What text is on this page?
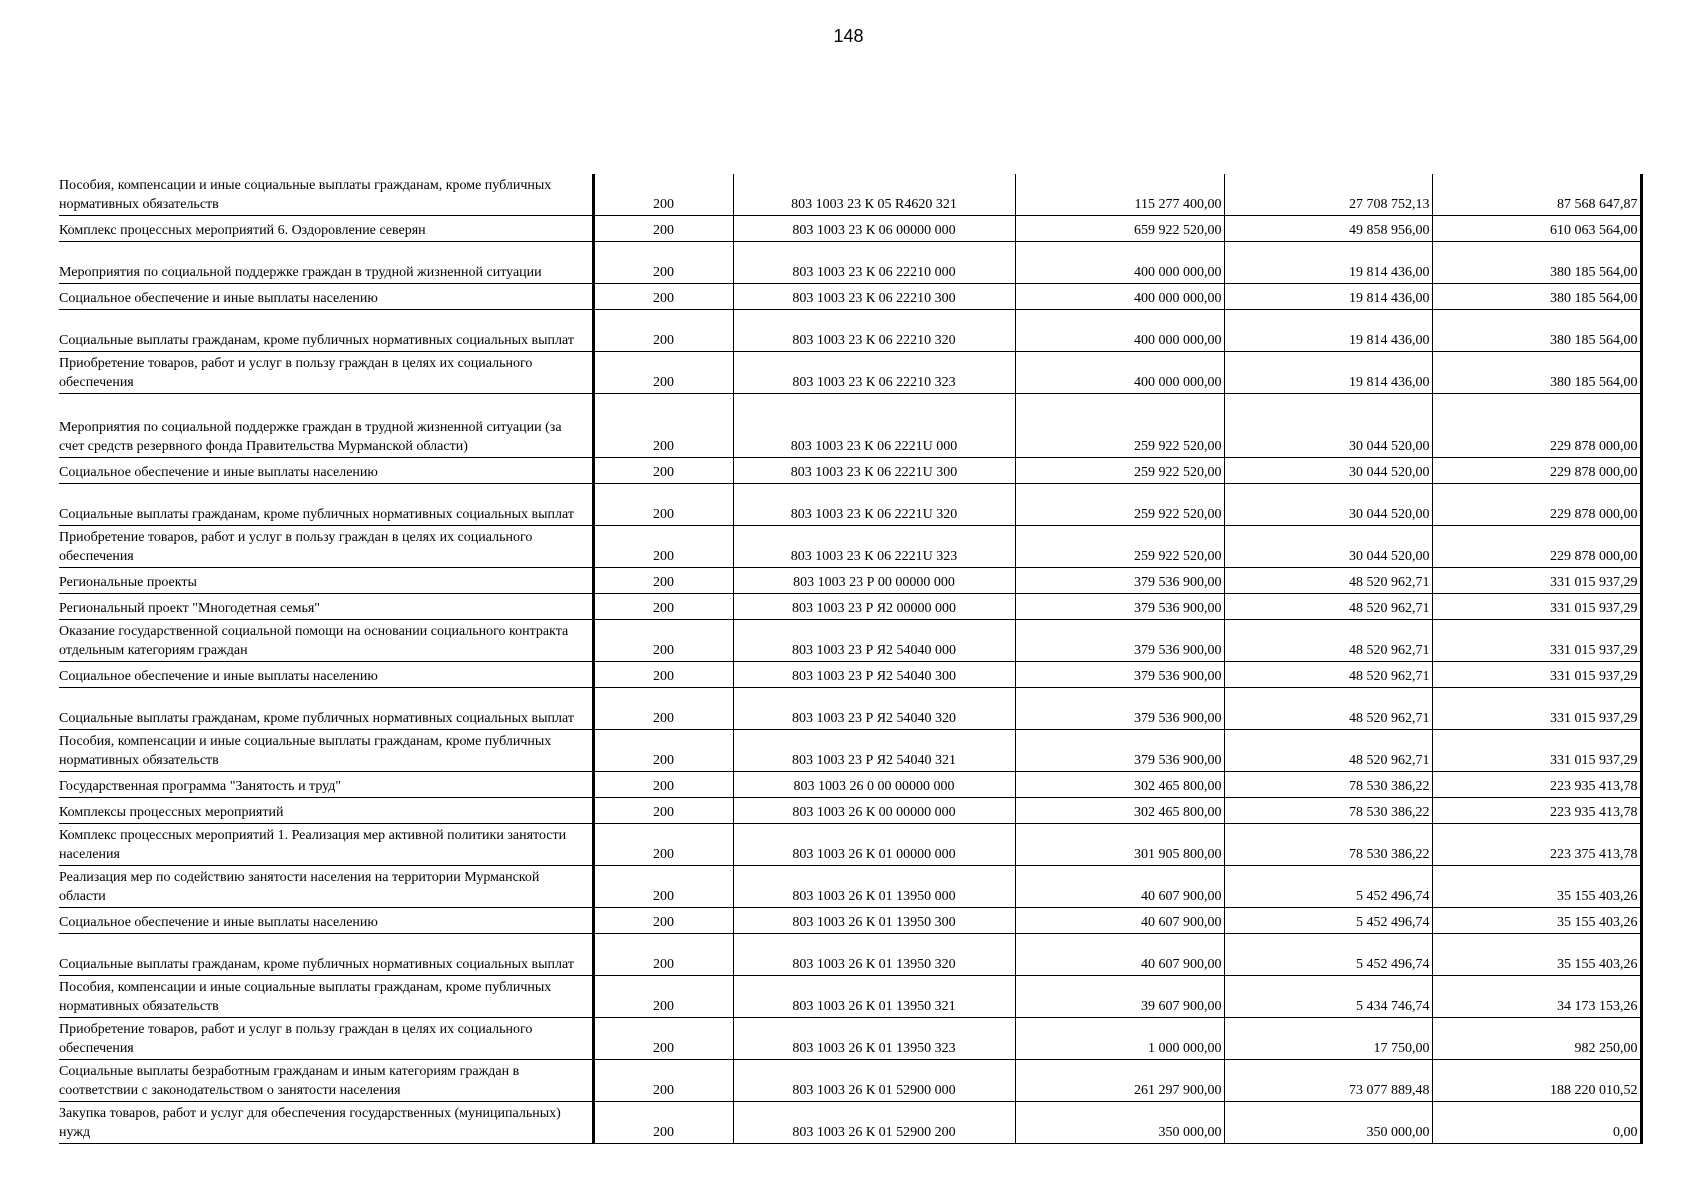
148
Пособия, компенсации и иные социальные выплаты гражданам, кроме публичных нормативных обязательств	200	803 1003 23 К 05 R4620 321	115 277 400,00	27 708 752,13	87 568 647,87
Комплекс процессных мероприятий 6. Оздоровление северян	200	803 1003 23 К 06 00000 000	659 922 520,00	49 858 956,00	610 063 564,00
Мероприятия по социальной поддержке граждан в трудной жизненной ситуации	200	803 1003 23 К 06 22210 000	400 000 000,00	19 814 436,00	380 185 564,00
Социальное обеспечение и иные выплаты населению	200	803 1003 23 К 06 22210 300	400 000 000,00	19 814 436,00	380 185 564,00
Социальные выплаты гражданам, кроме публичных нормативных социальных выплат	200	803 1003 23 К 06 22210 320	400 000 000,00	19 814 436,00	380 185 564,00
Приобретение товаров, работ и услуг в пользу граждан в целях их социального обеспечения	200	803 1003 23 К 06 22210 323	400 000 000,00	19 814 436,00	380 185 564,00
Мероприятия по социальной поддержке граждан в трудной жизненной ситуации (за счет средств резервного фонда Правительства Мурманской области)	200	803 1003 23 К 06 2221U 000	259 922 520,00	30 044 520,00	229 878 000,00
Социальное обеспечение и иные выплаты населению	200	803 1003 23 К 06 2221U 300	259 922 520,00	30 044 520,00	229 878 000,00
Социальные выплаты гражданам, кроме публичных нормативных социальных выплат	200	803 1003 23 К 06 2221U 320	259 922 520,00	30 044 520,00	229 878 000,00
Приобретение товаров, работ и услуг в пользу граждан в целях их социального обеспечения	200	803 1003 23 К 06 2221U 323	259 922 520,00	30 044 520,00	229 878 000,00
Региональные проекты	200	803 1003 23 Р 00 00000 000	379 536 900,00	48 520 962,71	331 015 937,29
Региональный проект "Многодетная семья"	200	803 1003 23 Р Я2 00000 000	379 536 900,00	48 520 962,71	331 015 937,29
Оказание государственной социальной помощи на основании социального контракта отдельным категориям граждан	200	803 1003 23 Р Я2 54040 000	379 536 900,00	48 520 962,71	331 015 937,29
Социальное обеспечение и иные выплаты населению	200	803 1003 23 Р Я2 54040 300	379 536 900,00	48 520 962,71	331 015 937,29
Социальные выплаты гражданам, кроме публичных нормативных социальных выплат	200	803 1003 23 Р Я2 54040 320	379 536 900,00	48 520 962,71	331 015 937,29
Пособия, компенсации и иные социальные выплаты гражданам, кроме публичных нормативных обязательств	200	803 1003 23 Р Я2 54040 321	379 536 900,00	48 520 962,71	331 015 937,29
Государственная программа "Занятость и труд"	200	803 1003 26 0 00 00000 000	302 465 800,00	78 530 386,22	223 935 413,78
Комплексы процессных мероприятий	200	803 1003 26 К 00 00000 000	302 465 800,00	78 530 386,22	223 935 413,78
Комплекс процессных мероприятий 1. Реализация мер активной политики занятости населения	200	803 1003 26 К 01 00000 000	301 905 800,00	78 530 386,22	223 375 413,78
Реализация мер по содействию занятости населения на территории Мурманской области	200	803 1003 26 К 01 13950 000	40 607 900,00	5 452 496,74	35 155 403,26
Социальное обеспечение и иные выплаты населению	200	803 1003 26 К 01 13950 300	40 607 900,00	5 452 496,74	35 155 403,26
Социальные выплаты гражданам, кроме публичных нормативных социальных выплат	200	803 1003 26 К 01 13950 320	40 607 900,00	5 452 496,74	35 155 403,26
Пособия, компенсации и иные социальные выплаты гражданам, кроме публичных нормативных обязательств	200	803 1003 26 К 01 13950 321	39 607 900,00	5 434 746,74	34 173 153,26
Приобретение товаров, работ и услуг в пользу граждан в целях их социального обеспечения	200	803 1003 26 К 01 13950 323	1 000 000,00	17 750,00	982 250,00
Социальные выплаты безработным гражданам и иным категориям граждан в соответствии с законодательством о занятости населения	200	803 1003 26 К 01 52900 000	261 297 900,00	73 077 889,48	188 220 010,52
Закупка товаров, работ и услуг для обеспечения государственных (муниципальных) нужд	200	803 1003 26 К 01 52900 200	350 000,00	350 000,00	0,00
